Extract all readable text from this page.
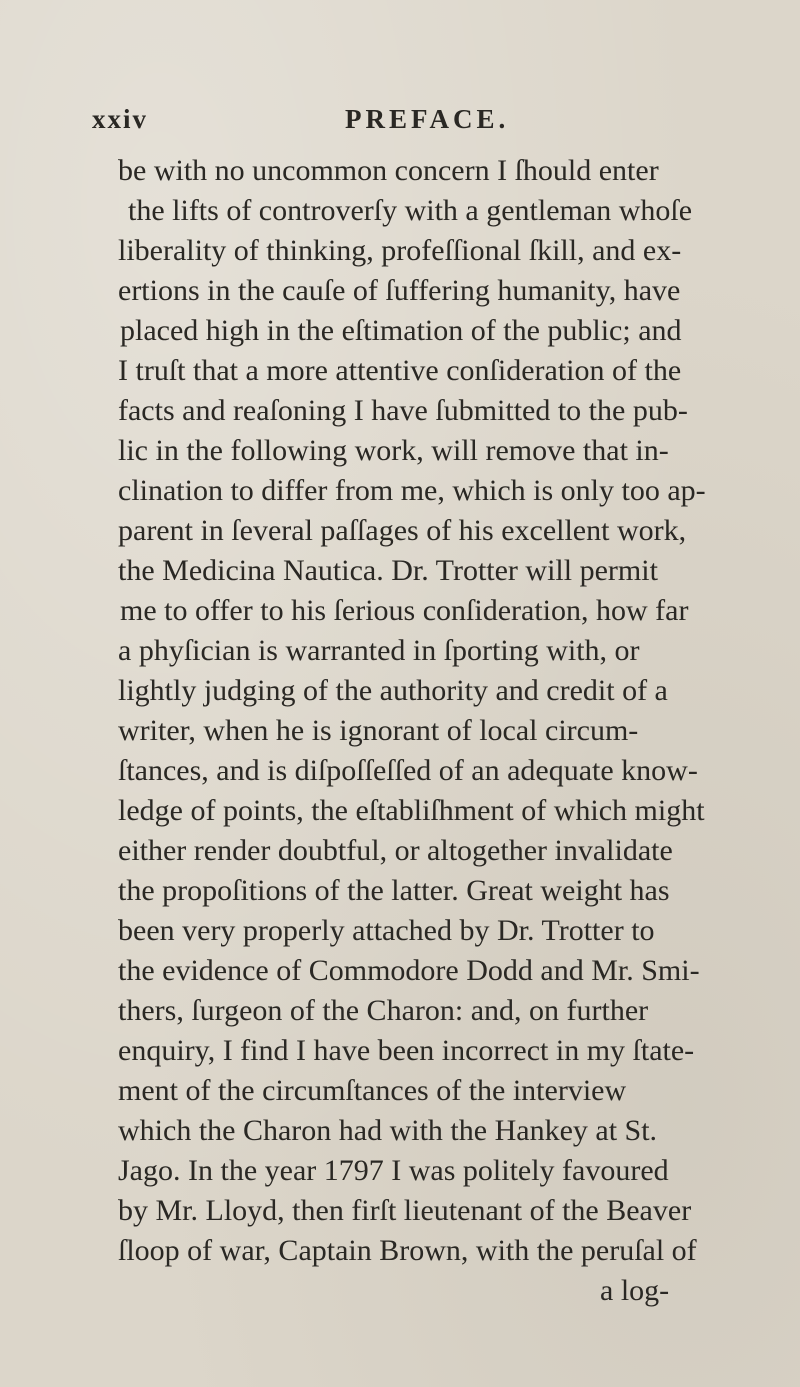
xxiv	PREFACE.
be with no uncommon concern I ſhould enter
the lifts of controverſy with a gentleman whoſe
liberality of thinking, profeſſional ſkill, and ex-
ertions in the cauſe of ſuffering humanity, have
placed high in the eſtimation of the public; and
I truſt that a more attentive conſideration of the
facts and reaſoning I have ſubmitted to the pub-
lic in the following work, will remove that in-
clination to differ from me, which is only too ap-
parent in ſeveral paſſages of his excellent work,
the Medicina Nautica. Dr. Trotter will permit
me to offer to his ſerious conſideration, how far
a phyſician is warranted in ſporting with, or
lightly judging of the authority and credit of a
writer, when he is ignorant of local circum-
ſtances, and is diſpoſſeſſed of an adequate know-
ledge of points, the eſtabliſhment of which might
either render doubtful, or altogether invalidate
the propoſitions of the latter. Great weight has
been very properly attached by Dr. Trotter to
the evidence of Commodore Dodd and Mr. Smi-
thers, ſurgeon of the Charon: and, on further
enquiry, I find I have been incorrect in my ſtate-
ment of the circumſtances of the interview
which the Charon had with the Hankey at St.
Jago. In the year 1797 I was politely favoured
by Mr. Lloyd, then firſt lieutenant of the Beaver
ſloop of war, Captain Brown, with the peruſal of
a log-
